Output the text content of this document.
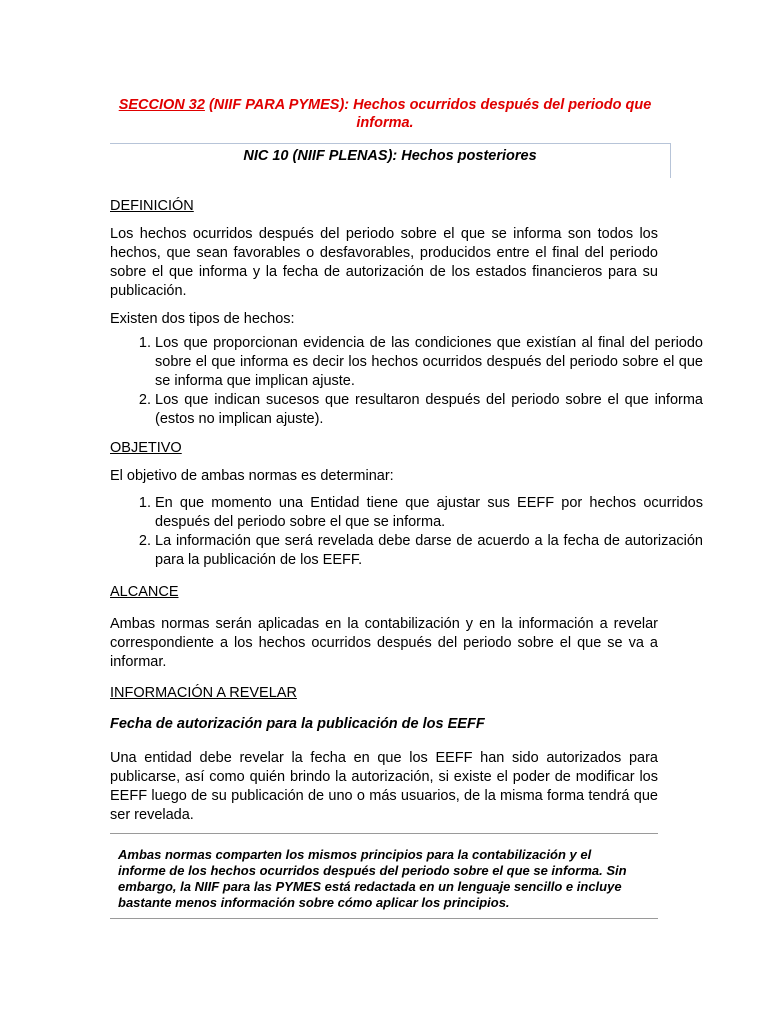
SECCION 32 (NIIF PARA PYMES): Hechos ocurridos después del periodo que informa.
NIC 10 (NIIF PLENAS): Hechos posteriores
DEFINICIÓN
Los hechos ocurridos después del periodo sobre el que se informa son todos los hechos, que sean favorables o desfavorables, producidos entre el final del periodo sobre el que informa y la fecha de autorización de los estados financieros para su publicación.
Existen dos tipos de hechos:
1. Los que proporcionan evidencia de las condiciones que existían al final del periodo sobre el que informa es decir los hechos ocurridos después del periodo sobre el que se informa que implican ajuste.
2. Los que indican sucesos que resultaron después del periodo sobre el que informa (estos no implican ajuste).
OBJETIVO
El objetivo de ambas normas es determinar:
1. En que momento una Entidad tiene que ajustar sus EEFF por hechos ocurridos después del periodo sobre el que se informa.
2. La información que será revelada debe darse de acuerdo a la fecha de autorización para la publicación de los EEFF.
ALCANCE
Ambas normas serán aplicadas en la contabilización y en la información a revelar correspondiente a los hechos ocurridos después del periodo sobre el que se va a informar.
INFORMACIÓN A REVELAR
Fecha de autorización para la publicación de los EEFF
Una entidad debe revelar la fecha en que los EEFF han sido autorizados para publicarse, así como quién brindo la autorización, si existe el poder de modificar los EEFF luego de su publicación de uno o más usuarios, de la misma forma tendrá que ser revelada.
Ambas normas comparten los mismos principios para la contabilización y el informe de los hechos ocurridos después del periodo sobre el que se informa. Sin embargo, la NIIF para las PYMES está redactada en un lenguaje sencillo e incluye bastante menos información sobre cómo aplicar los principios.
